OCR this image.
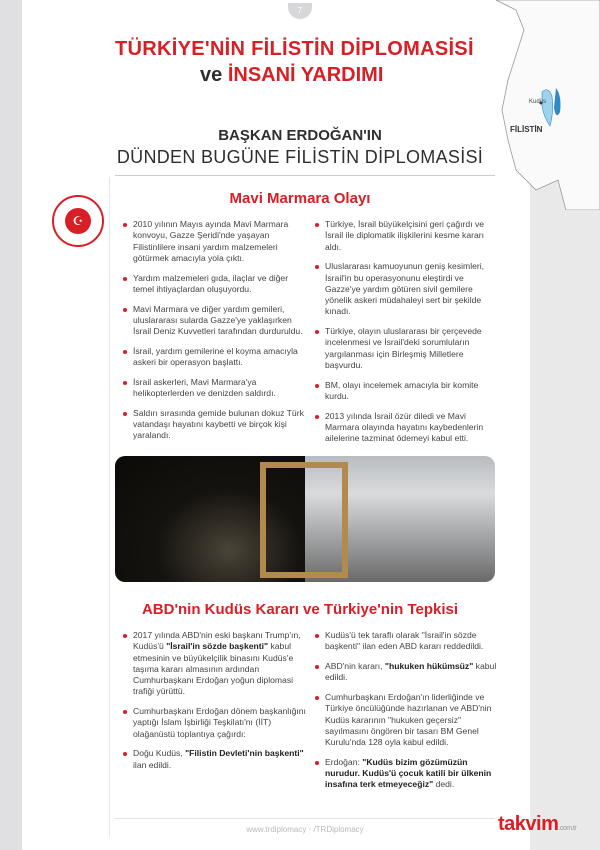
7
TÜRKİYE'NİN FİLİSTİN DİPLOMASİSİ
ve İNSANİ YARDIMI
Kudüs
FİLİSTİN
BAŞKAN ERDOĞAN'IN
DÜNDEN BUGÜNE FİLİSTİN DİPLOMASİSİ
☪
Mavi Marmara Olayı
2010 yılının Mayıs ayında Mavi Marmara konvoyu, Gazze Şeridi'nde yaşayan Filistinlilere insani yardım malzemeleri götürmek amacıyla yola çıktı.
Yardım malzemeleri gıda, ilaçlar ve diğer temel ihtiyaçlardan oluşuyordu.
Mavi Marmara ve diğer yardım gemileri, uluslararası sularda Gazze'ye yaklaşırken İsrail Deniz Kuvvetleri tarafından durduruldu.
İsrail, yardım gemilerine el koyma amacıyla askeri bir operasyon başlattı.
İsrail askerleri, Mavi Marmara'ya helikopterlerden ve denizden saldırdı.
Saldırı sırasında gemide bulunan dokuz Türk vatandaşı hayatını kaybetti ve birçok kişi yaralandı.
Türkiye, İsrail büyükelçisini geri çağırdı ve İsrail ile diplomatik ilişkilerini kesme kararı aldı.
Uluslararası kamuoyunun geniş kesimleri, İsrail'in bu operasyonunu eleştirdi ve Gazze'ye yardım götüren sivil gemilere yönelik askeri müdahaleyi sert bir şekilde kınadı.
Türkiye, olayın uluslararası bir çerçevede incelenmesi ve İsrail'deki sorumluların yargılanması için Birleşmiş Milletlere başvurdu.
BM, olayı incelemek amacıyla bir komite kurdu.
2013 yılında İsrail özür diledi ve Mavi Marmara olayında hayatını kaybedenlerin ailelerine tazminat ödemeyi kabul etti.
ABD'nin Kudüs Kararı ve Türkiye'nin Tepkisi
2017 yılında ABD'nin eski başkanı Trump'ın, Kudüs'ü "İsrail'in sözde başkenti" kabul etmesinin ve büyükelçilik binasını Kudüs'e taşıma kararı almasının ardından Cumhurbaşkanı Erdoğan yoğun diplomasi trafiği yürüttü.
Cumhurbaşkanı Erdoğan dönem başkanlığını yaptığı İslam İşbirliği Teşkilatı'nı (İİT) olağanüstü toplantıya çağırdı:
Doğu Kudüs, "Filistin Devleti'nin başkenti" ilan edildi.
Kudüs'ü tek taraflı olarak "İsrail'in sözde başkenti" ilan eden ABD kararı reddedildi.
ABD'nin kararı, "hukuken hükümsüz" kabul edildi.
Cumhurbaşkanı Erdoğan'ın liderliğinde ve Türkiye öncülüğünde hazırlanan ve ABD'nin Kudüs kararının "hukuken geçersiz" sayılmasını öngören bir tasarı BM Genel Kurulu'nda 128 oyla kabul edildi.
Erdoğan: "Kudüs bizim gözümüzün nurudur. Kudüs'ü çocuk katili bir ülkenin insafına terk etmeyeceğiz" dedi.
www.trdiplomacy · /TRDiplomacy	takvim.com.tr
